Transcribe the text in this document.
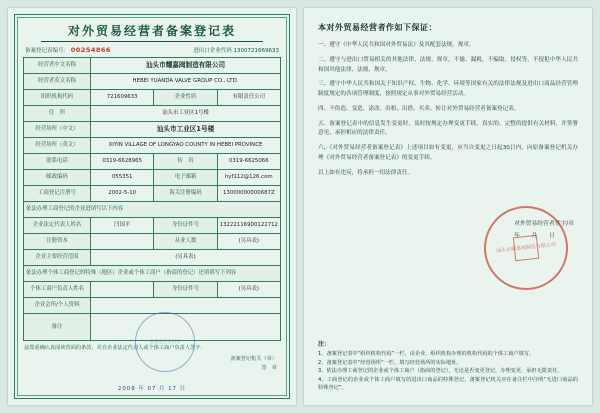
对外贸易经营者备案登记表
备案登记表编号： 00254866	进出口企业代码 1300721669633
经营者中文名称	汕头市耀嘉阀制造有限公司		
经营者英文名称	HEBEI YUANDA VALVE GROUP CO., LTD.		
组织机构代码	721609633	企业性质	有限责任公司
住　所	汕头市工业区1号楼		
经营场所（中文）	汕头市工业区1号楼		
经营场所（英文）	XIYIN VILLAGE OF LONGYAO COUNTY IN HEBEI PROVINCE		
联系电话	0319-6628965	传　真	0319-6625066
邮政编码	055351	电子邮箱	hyf112@126.com
工商登记注册号	2002-5-10	海关注册编码	13000000000687Z
依法办理工商登记的企业进填写以下内容			
企业法定代表人姓名	闫国平	身份证件号	13222116900122712
注册资本		从业人数	(另具表)
企业主要经营范围	(另具表)		
依法办理个体工商登记的特殊（地区）企业或个体工商户（指商的登记）还填填写下列容			
个体工商户负责人姓名		身份证件号	(另具表)
企业会所/个人资料			
备注			
兹郑重确认真闻读背面的条款，并自企业法定代表人或个体工商户负责人签字：
备案登记机关（章）
签　章
备案登记专用章
2008 年 07 月 17 日
本对外贸易经营者作如下保证：
一、遵守《中华人民共和国对外贸易法》及其配套法规、规章。
二、遵守与进出口贸易相关的其他法律、法规、规章，不偷、漏税，不骗取、侵权等，不侵犯中华人民共和国其他法律、法规、规章。
三、遵守中华人民共和国关于知识产权、生物、化学、环境等国家有关的法律法规及进出口商品经营管理制度规定的各项管理制度，按照规定从事对外贸易经营活动。
四、不伪造、变造、涂改、出租、出借、买卖、转让对外贸易经营者备案登记表。
五、备案登记表中的信息发生变更时，及时按规定办理变更手续，真实的、完整的提供有关材料，并签署意见、承担相应的法律责任。
六、《对外贸易经营者备案登记表》上述项目如有变更，应当自变更之日起30日内，向原备案登记机关办理《对外贸易经营者备案登记表》的变更手续。
以上如有违反，将承担一切法律责任。
对外贸易经营者签字/章
年　　月　　日
汕头市耀嘉阀制造有限公司
注：
1、备案登记表中“组织机构代码”一栏，由企业、组织机构办理的机构代码的个体工商户填写。
2、备案登记表中“经营场所”一栏，填写经营场所的实际地址。
3、依法办理工商登记的企业或个体工商户（指商的登记），无论是否变更登记，办理变更、承担无限责任。
4、工商登记的企业或个体工商户填写的进出口商品的特殊登记，备案登记机关应在备注栏中注明“无进口商品的特殊登记”。
